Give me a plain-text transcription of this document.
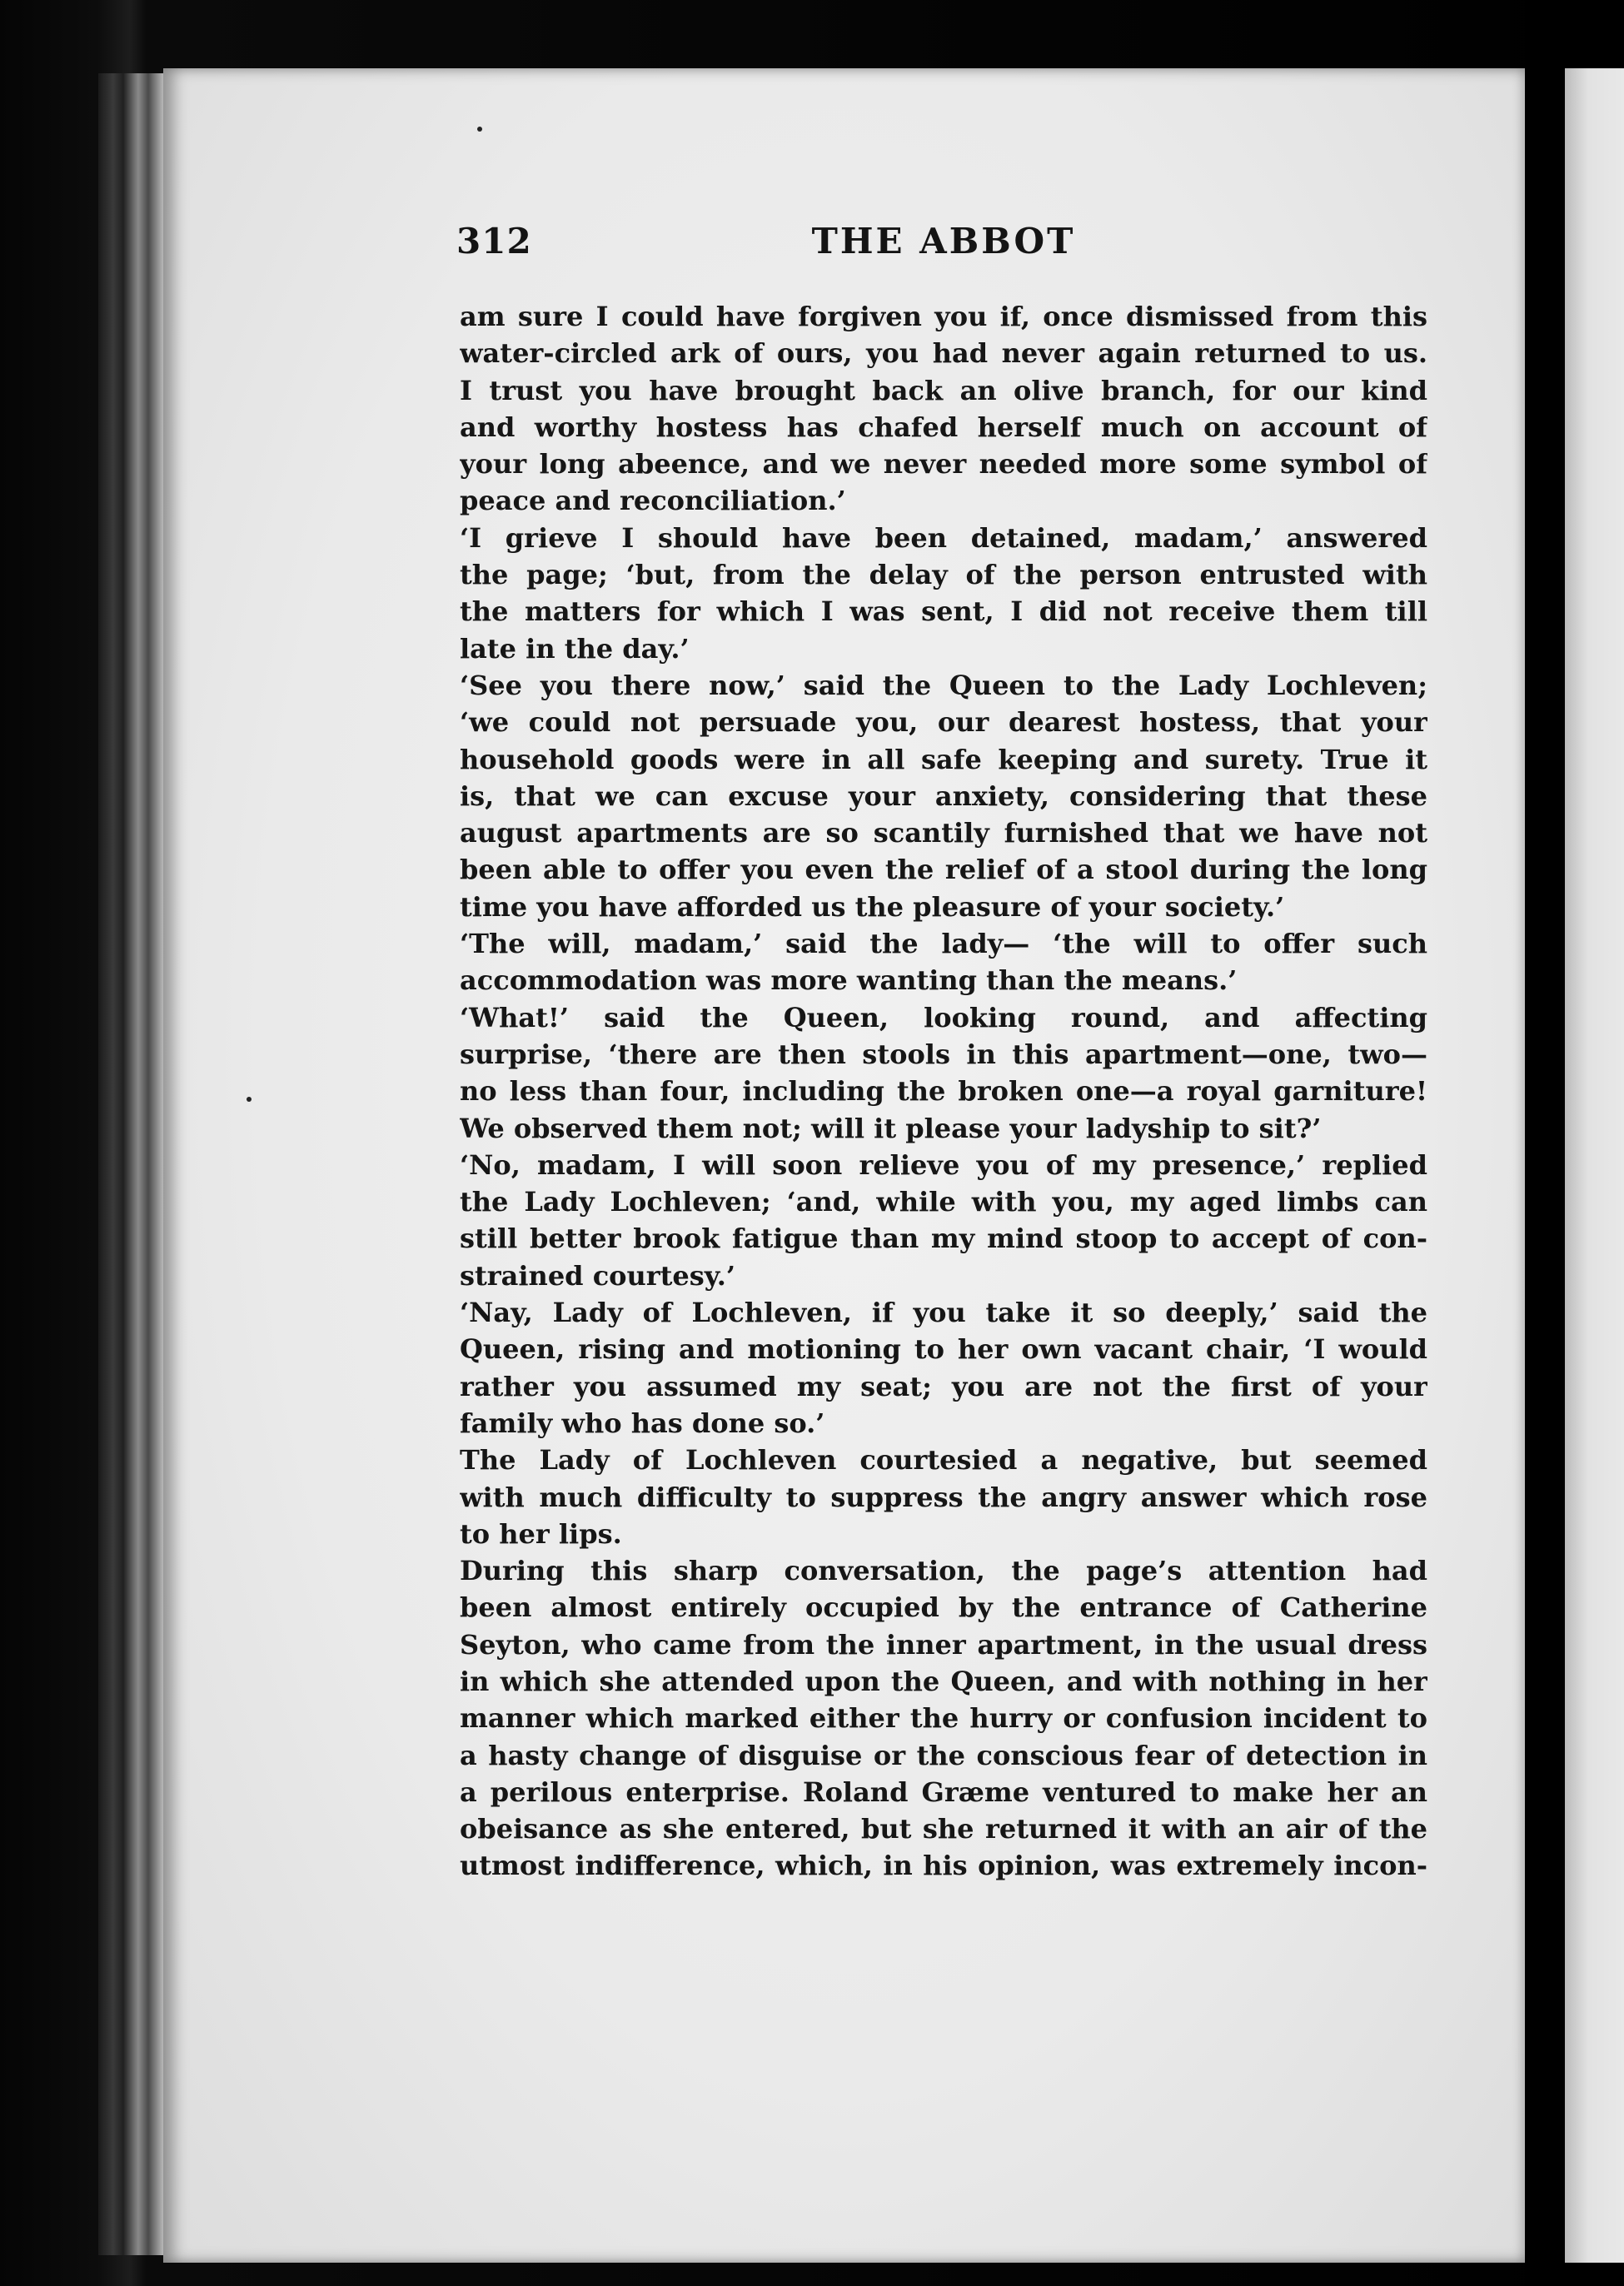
312	THE ABBOT
am sure I could have forgiven you if, once dismissed from this
water-circled ark of ours, you had never again returned to us.
I trust you have brought back an olive branch, for our kind
and worthy hostess has chafed herself much on account of
your long abeence, and we never needed more some symbol of
peace and reconciliation.’
‘I grieve I should have been detained, madam,’ answered
the page; ‘but, from the delay of the person entrusted with
the matters for which I was sent, I did not receive them till
late in the day.’
‘See you there now,’ said the Queen to the Lady Lochleven;
‘we could not persuade you, our dearest hostess, that your
household goods were in all safe keeping and surety. True it
is, that we can excuse your anxiety, considering that these
august apartments are so scantily furnished that we have not
been able to offer you even the relief of a stool during the long
time you have afforded us the pleasure of your society.’
‘The will, madam,’ said the lady— ‘the will to offer such
accommodation was more wanting than the means.’
‘What!’ said the Queen, looking round, and affecting
surprise, ‘there are then stools in this apartment—one, two—
no less than four, including the broken one—a royal garniture!
We observed them not; will it please your ladyship to sit?’
‘No, madam, I will soon relieve you of my presence,’ replied
the Lady Lochleven; ‘and, while with you, my aged limbs can
still better brook fatigue than my mind stoop to accept of con-
strained courtesy.’
‘Nay, Lady of Lochleven, if you take it so deeply,’ said the
Queen, rising and motioning to her own vacant chair, ‘I would
rather you assumed my seat; you are not the first of your
family who has done so.’
The Lady of Lochleven courtesied a negative, but seemed
with much difficulty to suppress the angry answer which rose
to her lips.
During this sharp conversation, the page’s attention had
been almost entirely occupied by the entrance of Catherine
Seyton, who came from the inner apartment, in the usual dress
in which she attended upon the Queen, and with nothing in her
manner which marked either the hurry or confusion incident to
a hasty change of disguise or the conscious fear of detection in
a perilous enterprise. Roland Græme ventured to make her an
obeisance as she entered, but she returned it with an air of the
utmost indifference, which, in his opinion, was extremely incon-
